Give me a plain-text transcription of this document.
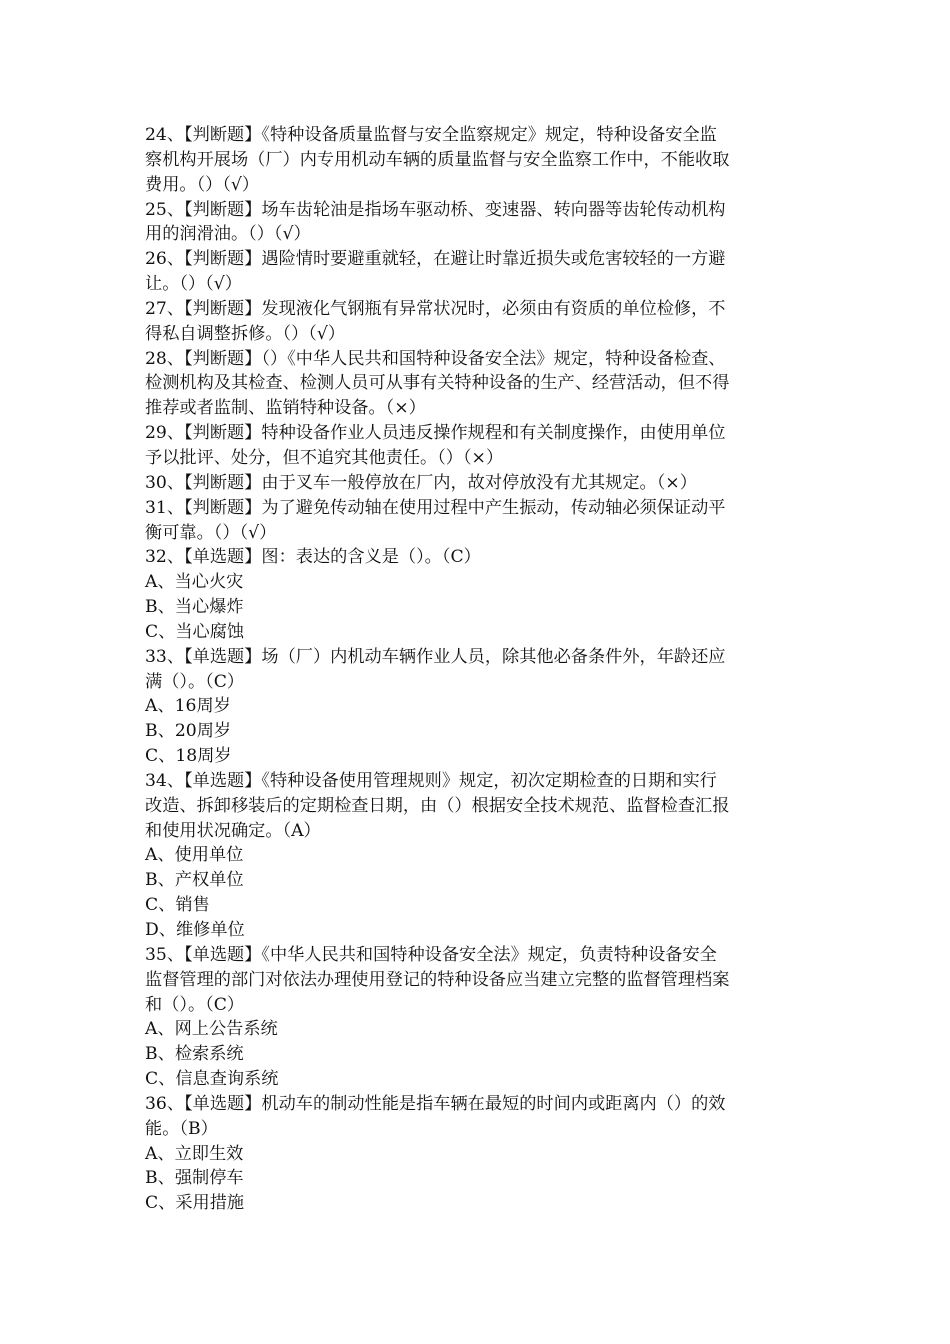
24、【判断题】《特种设备质量监督与安全监察规定》规定，特种设备安全监
察机构开展场（厂）内专用机动车辆的质量监督与安全监察工作中，不能收取
费用。（）（√）
25、【判断题】场车齿轮油是指场车驱动桥、变速器、转向器等齿轮传动机构
用的润滑油。（）（√）
26、【判断题】遇险情时要避重就轻，在避让时靠近损失或危害较轻的一方避
让。（）（√）
27、【判断题】发现液化气钢瓶有异常状况时，必须由有资质的单位检修，不
得私自调整拆修。（）（√）
28、【判断题】（）《中华人民共和国特种设备安全法》规定，特种设备检查、
检测机构及其检查、检测人员可从事有关特种设备的生产、经营活动，但不得
推荐或者监制、监销特种设备。（×）
29、【判断题】特种设备作业人员违反操作规程和有关制度操作，由使用单位
予以批评、处分，但不追究其他责任。（）（×）
30、【判断题】由于叉车一般停放在厂内，故对停放没有尤其规定。（×）
31、【判断题】为了避免传动轴在使用过程中产生振动，传动轴必须保证动平
衡可靠。（）（√）
32、【单选题】图：表达的含义是（）。（C）
A、当心火灾
B、当心爆炸
C、当心腐蚀
33、【单选题】场（厂）内机动车辆作业人员，除其他必备条件外，年龄还应
满（）。（C）
A、16周岁
B、20周岁
C、18周岁
34、【单选题】《特种设备使用管理规则》规定，初次定期检查的日期和实行
改造、拆卸移装后的定期检查日期，由（）根据安全技术规范、监督检查汇报
和使用状况确定。（A）
A、使用单位
B、产权单位
C、销售
D、维修单位
35、【单选题】《中华人民共和国特种设备安全法》规定，负责特种设备安全
监督管理的部门对依法办理使用登记的特种设备应当建立完整的监督管理档案
和（）。（C）
A、网上公告系统
B、检索系统
C、信息查询系统
36、【单选题】机动车的制动性能是指车辆在最短的时间内或距离内（）的效
能。（B）
A、立即生效
B、强制停车
C、采用措施
